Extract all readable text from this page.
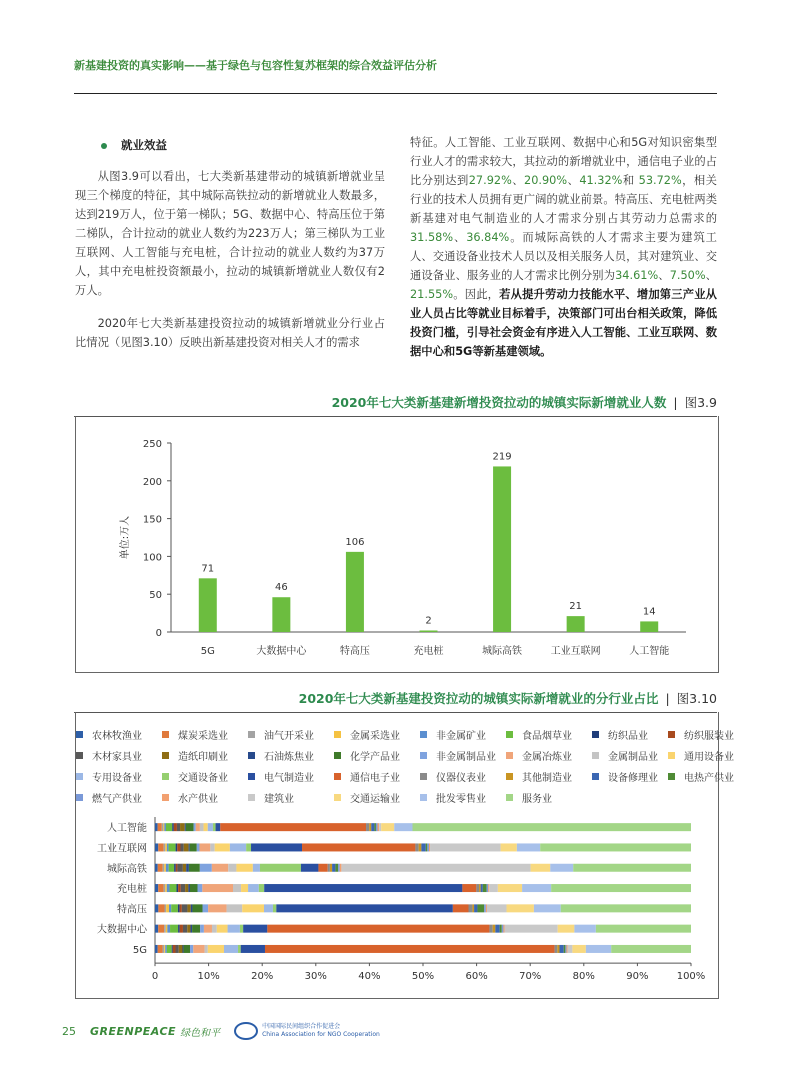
新基建投资的真实影响——基于绿色与包容性复苏框架的综合效益评估分析
就业效益

从图3.9可以看出，七大类新基建带动的城镇新增就业呈现三个梯度的特征，其中城际高铁拉动的新增就业人数最多，达到219万人，位于第一梯队；5G、数据中心、特高压位于第二梯队，合计拉动的就业人数约为223万人；第三梯队为工业互联网、人工智能与充电桩，合计拉动的就业人数约为37万人，其中充电桩投资额最小，拉动的城镇新增就业人数仅有2万人。

2020年七大类新基建投资拉动的城镇新增就业分行业占比情况（见图3.10）反映出新基建投资对相关人才的需求

特征。人工智能、工业互联网、数据中心和5G对知识密集型行业人才的需求较大，其拉动的新增就业中，通信电子业的占比分别达到27.92%、20.90%、41.32%和 53.72%，相关行业的技术人员拥有更广阔的就业前景。特高压、充电桩两类新基建对电气制造业的人才需求分别占其劳动力总需求的31.58%、36.84%。而城际高铁的人才需求主要为建筑工人、交通设备业技术人员以及相关服务人员，其对建筑业、交通设备业、服务业的人才需求比例分别为34.61%、7.50%、21.55%。因此，若从提升劳动力技能水平、增加第三产业从业人员占比等就业目标着手，决策部门可出台相关政策，降低投资门槛，引导社会资金有序进入人工智能、工业互联网、数据中心和5G等新基建领域。

2020年七大类新基建新增投资拉动的城镇实际新增就业人数 | 图3.9
0
50
100
150
200
250
单位:万人
71
5G
46
大数据中心
106
特高压
2
充电桩
219
城际高铁
21
工业互联网
14
人工智能
2020年七大类新基建投资拉动的城镇实际新增就业的分行业占比 | 图3.10
农林牧渔业	煤炭采选业	油气开采业	金属采选业	非金属矿业	食品烟草业	纺织品业	纺织服装业
木材家具业	造纸印刷业	石油炼焦业	化学产品业	非金属制品业	金属冶炼业	金属制品业	通用设备业
专用设备业	交通设备业	电气制造业	通信电子业	仪器仪表业	其他制造业	设备修理业	电热产供业
燃气产供业	水产供业	建筑业	交通运输业	批发零售业	服务业
人工智能
工业互联网
城际高铁
充电桩
特高压
大数据中心
5G
0	10%	20%	30%	40%	50%	60%	70%	80%	90%	100%
25 GREENPEACE 绿色和平
中国国际民间组织合作促进会
China Association for NGO Cooperation
